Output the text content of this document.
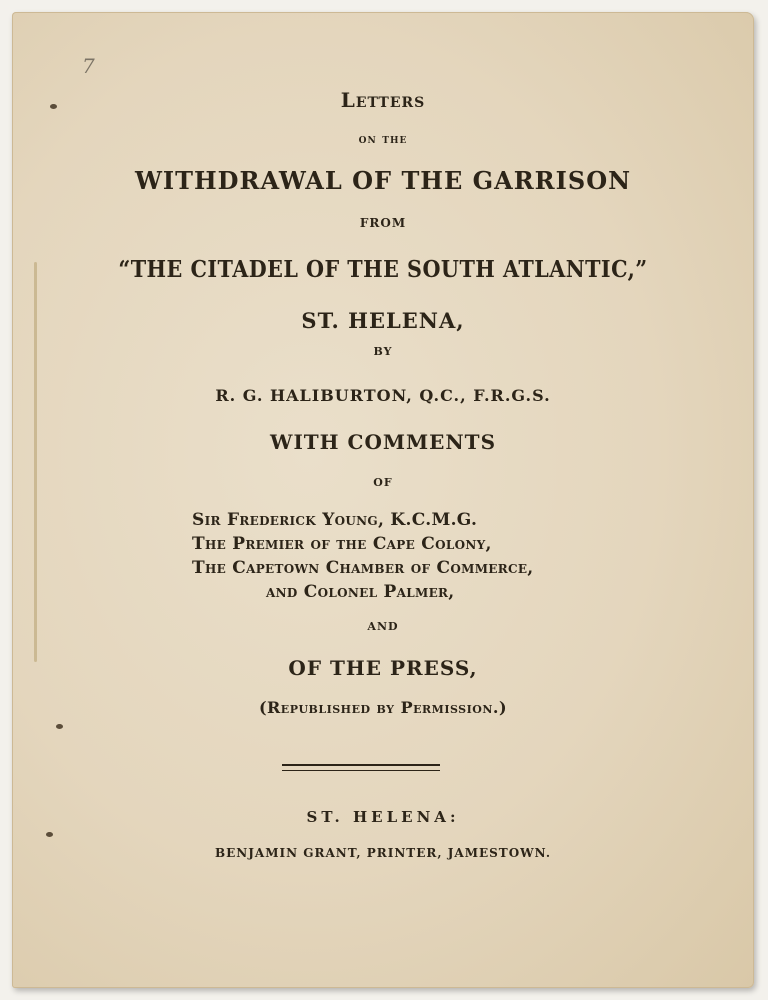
7
Letters
on the
WITHDRAWAL OF THE GARRISON
FROM
“THE CITADEL OF THE SOUTH ATLANTIC,”
ST. HELENA,
BY
R. G. HALIBURTON, Q.C., F.R.G.S.
WITH COMMENTS
OF
Sir Frederick Young, K.C.M.G.
The Premier of the Cape Colony,
The Capetown Chamber of Commerce,
and Colonel Palmer,
AND
OF THE PRESS,
(Republished by Permission.)
ST. HELENA:
BENJAMIN GRANT, PRINTER, JAMESTOWN.
